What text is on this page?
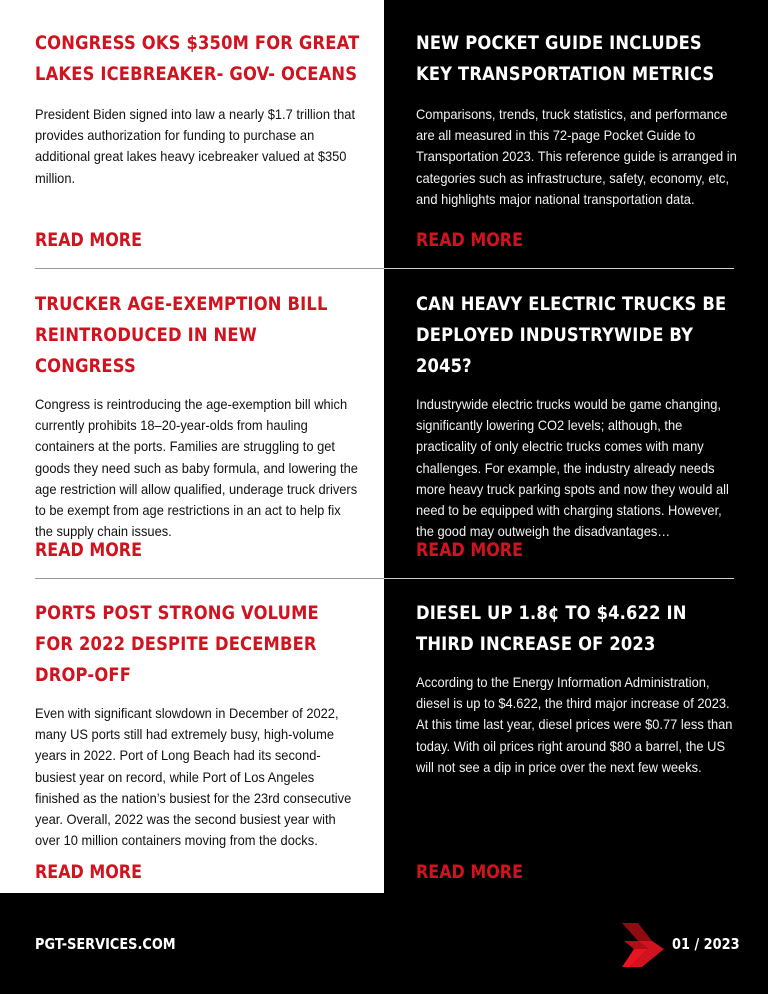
CONGRESS OKS $350M FOR GREAT LAKES ICEBREAKER- GOV- OCEANS

President Biden signed into law a nearly $1.7 trillion that provides authorization for funding to purchase an additional great lakes heavy icebreaker valued at $350 million.

READ MORE
NEW POCKET GUIDE INCLUDES KEY TRANSPORTATION METRICS

Comparisons, trends, truck statistics, and performance are all measured in this 72-page Pocket Guide to Transportation 2023. This reference guide is arranged in categories such as infrastructure, safety, economy, etc, and highlights major national transportation data.

READ MORE
TRUCKER AGE-EXEMPTION BILL REINTRODUCED IN NEW CONGRESS

Congress is reintroducing the age-exemption bill which currently prohibits 18–20-year-olds from hauling containers at the ports. Families are struggling to get goods they need such as baby formula, and lowering the age restriction will allow qualified, underage truck drivers to be exempt from age restrictions in an act to help fix the supply chain issues.

READ MORE
CAN HEAVY ELECTRIC TRUCKS BE DEPLOYED INDUSTRYWIDE BY 2045?

Industrywide electric trucks would be game changing, significantly lowering CO2 levels; although, the practicality of only electric trucks comes with many challenges. For example, the industry already needs more heavy truck parking spots and now they would all need to be equipped with charging stations. However, the good may outweigh the disadvantages…

READ MORE
PORTS POST STRONG VOLUME FOR 2022 DESPITE DECEMBER DROP-OFF

Even with significant slowdown in December of 2022, many US ports still had extremely busy, high-volume years in 2022. Port of Long Beach had its second-busiest year on record, while Port of Los Angeles finished as the nation’s busiest for the 23rd consecutive year. Overall, 2022 was the second busiest year with over 10 million containers moving from the docks.

READ MORE
DIESEL UP 1.8¢ TO $4.622 IN THIRD INCREASE OF 2023

According to the Energy Information Administration, diesel is up to $4.622, the third major increase of 2023. At this time last year, diesel prices were $0.77 less than today. With oil prices right around $80 a barrel, the US will not see a dip in price over the next few weeks.

READ MORE
PGT-SERVICES.COM	01 / 2023
